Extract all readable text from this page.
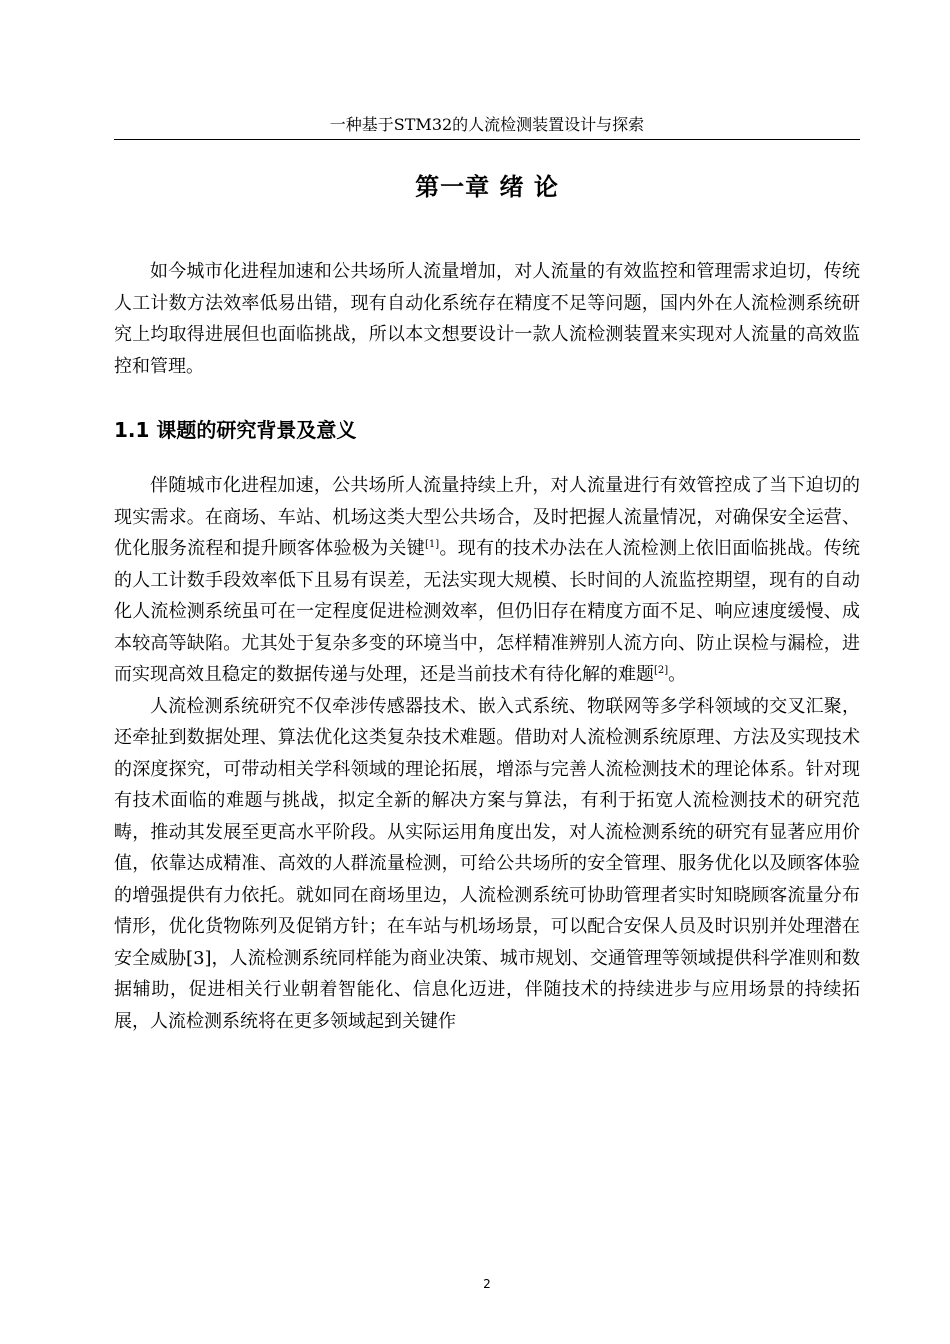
一种基于STM32的人流检测装置设计与探索
第一章 绪 论

如今城市化进程加速和公共场所人流量增加，对人流量的有效监控和管理需求迫切，传统人工计数方法效率低易出错，现有自动化系统存在精度不足等问题，国内外在人流检测系统研究上均取得进展但也面临挑战，所以本文想要设计一款人流检测装置来实现对人流量的高效监控和管理。

1.1 课题的研究背景及意义

伴随城市化进程加速，公共场所人流量持续上升，对人流量进行有效管控成了当下迫切的现实需求。在商场、车站、机场这类大型公共场合，及时把握人流量情况，对确保安全运营、优化服务流程和提升顾客体验极为关键[1]。现有的技术办法在人流检测上依旧面临挑战。传统的人工计数手段效率低下且易有误差，无法实现大规模、长时间的人流监控期望，现有的自动化人流检测系统虽可在一定程度促进检测效率，但仍旧存在精度方面不足、响应速度缓慢、成本较高等缺陷。尤其处于复杂多变的环境当中，怎样精准辨别人流方向、防止误检与漏检，进而实现高效且稳定的数据传递与处理，还是当前技术有待化解的难题[2]。

人流检测系统研究不仅牵涉传感器技术、嵌入式系统、物联网等多学科领域的交叉汇聚，还牵扯到数据处理、算法优化这类复杂技术难题。借助对人流检测系统原理、方法及实现技术的深度探究，可带动相关学科领域的理论拓展，增添与完善人流检测技术的理论体系。针对现有技术面临的难题与挑战，拟定全新的解决方案与算法，有利于拓宽人流检测技术的研究范畴，推动其发展至更高水平阶段。从实际运用角度出发，对人流检测系统的研究有显著应用价值，依靠达成精准、高效的人群流量检测，可给公共场所的安全管理、服务优化以及顾客体验的增强提供有力依托。就如同在商场里边，人流检测系统可协助管理者实时知晓顾客流量分布情形，优化货物陈列及促销方针；在车站与机场场景，可以配合安保人员及时识别并处理潜在安全威胁[3]，人流检测系统同样能为商业决策、城市规划、交通管理等领域提供科学准则和数据辅助，促进相关行业朝着智能化、信息化迈进，伴随技术的持续进步与应用场景的持续拓展，人流检测系统将在更多领域起到关键作

2
